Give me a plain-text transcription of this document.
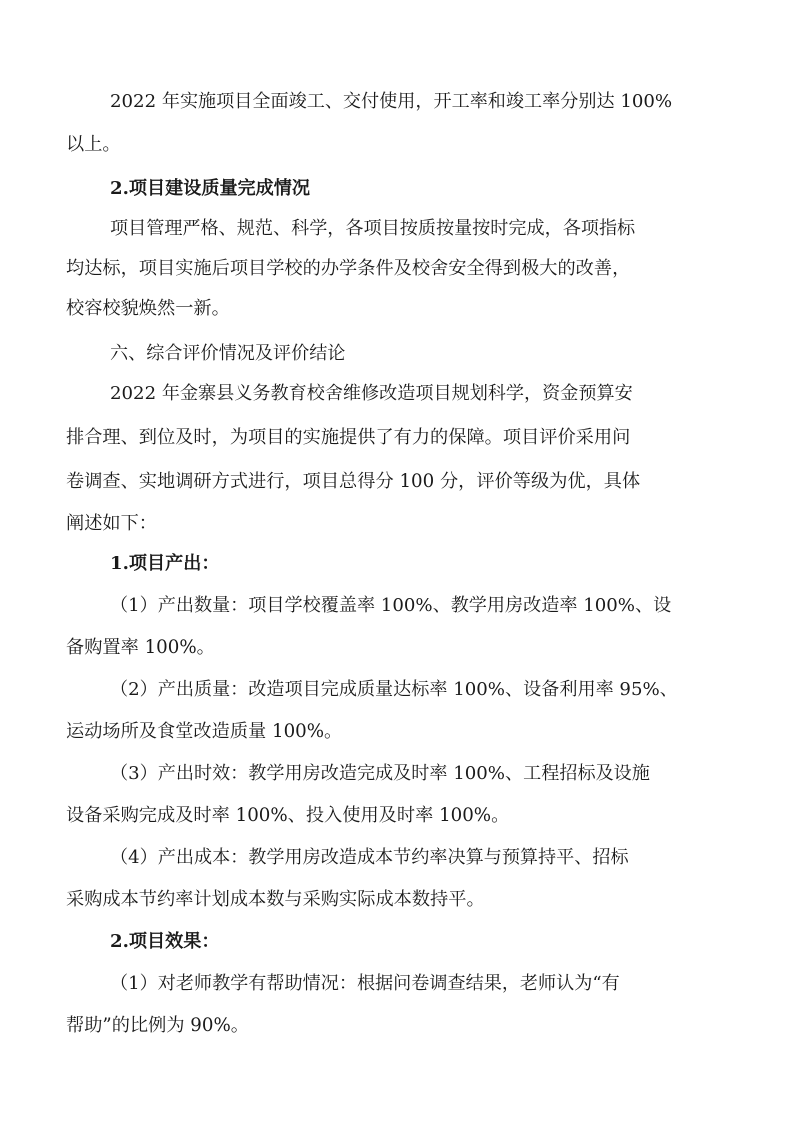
2022 年实施项目全面竣工、交付使用，开工率和竣工率分别达 100%
以上。
2.项目建设质量完成情况
项目管理严格、规范、科学，各项目按质按量按时完成，各项指标
均达标，项目实施后项目学校的办学条件及校舍安全得到极大的改善，
校容校貌焕然一新。
六、综合评价情况及评价结论
2022 年金寨县义务教育校舍维修改造项目规划科学，资金预算安
排合理、到位及时，为项目的实施提供了有力的保障。项目评价采用问
卷调查、实地调研方式进行，项目总得分 100 分，评价等级为优，具体
阐述如下：
1.项目产出：
（1）产出数量：项目学校覆盖率 100%、教学用房改造率 100%、设
备购置率 100%。
（2）产出质量：改造项目完成质量达标率 100%、设备利用率 95%、
运动场所及食堂改造质量 100%。
（3）产出时效：教学用房改造完成及时率 100%、工程招标及设施
设备采购完成及时率 100%、投入使用及时率 100%。
（4）产出成本：教学用房改造成本节约率决算与预算持平、招标
采购成本节约率计划成本数与采购实际成本数持平。
2.项目效果：
（1）对老师教学有帮助情况：根据问卷调查结果，老师认为“有
帮助”的比例为 90%。
